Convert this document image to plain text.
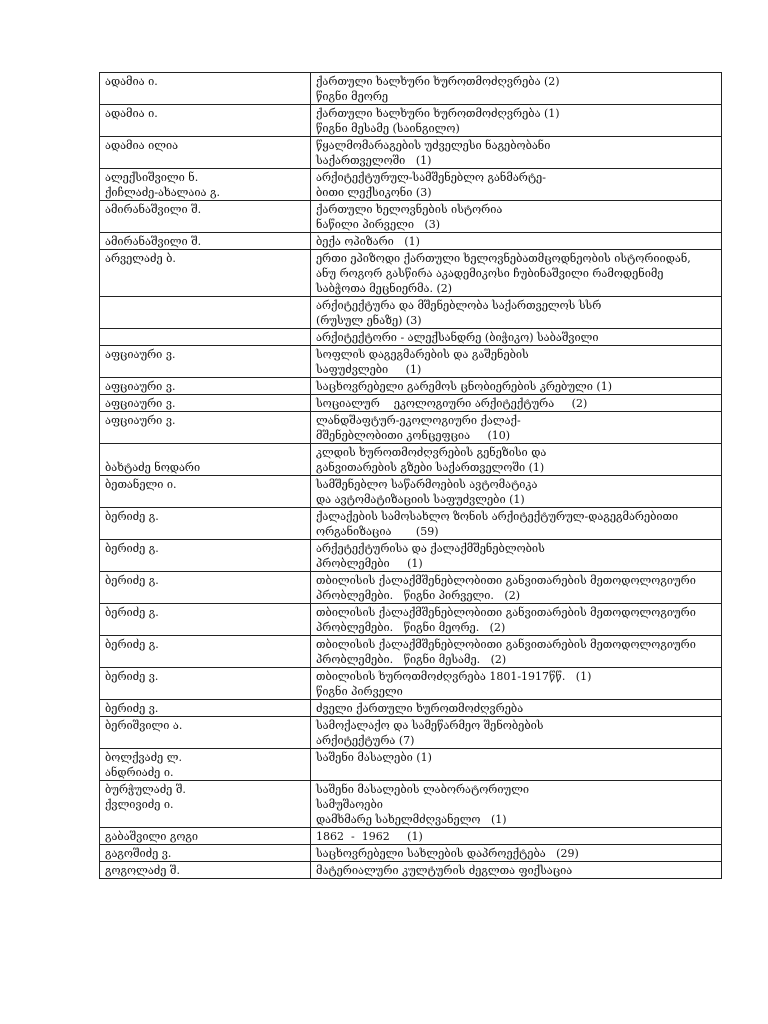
ადამია ი.	ქართული ხალხური ხუროთმოძღვრება (2)
წიგნი მეორე
ადამია ი.	ქართული ხალხური ხუროთმოძღვრება (1)
წიგნი მესამე (საინგილო)
ადამია ილია	წყალმომარაგების უძველესი ნაგებობანი
საქართველოში   (1)
ალექსიშვილი ნ.
ქიჩლაძე-ახალაია გ.	არქიტექტურულ-სამშენებლო განმარტე-
ბითი ლექსიკონი (3)
ამირანაშვილი შ.	ქართული ხელოვნების ისტორია
ნაწილი პირველი   (3)
ამირანაშვილი შ.	ბექა ოპიზარი   (1)
არველაძე ბ.	ერთი ეპიზოდი ქართული ხელოვნებათმცოდნეობის ისტორიიდან,
ანუ როგორ გასწირა აკადემიკოსი ჩუბინაშვილი რამოდენიმე
საბჭოთა მეცნიერმა. (2)
	არქიტექტურა და მშენებლობა საქართველოს სსრ
(რუსულ ენაზე) (3)
	არქიტექტორი - ალექსანდრე (ბიჭიკო) საბაშვილი
აფციაური ვ.	სოფლის დაგეგმარების და გაშენების
საფუძვლები     (1)
აფციაური ვ.	საცხოვრებელი გარემოს ცნობიერების კრებული (1)
აფციაური ვ.	სოციალურ    ეკოლოგიური არქიტექტურა     (2)
აფციაური ვ.	ლანდშაფტურ-ეკოლოგიური ქალაქ-
მშენებლობითი კონცეფცია     (10)
ბახტაძე ნოდარი	კლდის ხუროთმოძღვრების გენეზისი და
განვითარების გზები საქართველოში (1)
ბეთანელი ი.	სამშენებლო საწარმოების ავტომატიკა
და ავტომატიზაციის საფუძვლები (1)
ბერიძე გ.	ქალაქების სამოსახლო ზონის არქიტექტურულ-დაგეგმარებითი
ორგანიზაცია       (59)
ბერიძე გ.	არქეტექტურისა და ქალაქმშენებლობის
პრობლემები     (1)
ბერიძე გ.	თბილისის ქალაქმშენებლობითი განვითარების მეთოდოლოგიური
პრობლემები.   წიგნი პირველი.   (2)
ბერიძე გ.	თბილისის ქალაქმშენებლობითი განვითარების მეთოდოლოგიური
პრობლემები.   წიგნი მეორე.   (2)
ბერიძე გ.	თბილისის ქალაქმშენებლობითი განვითარების მეთოდოლოგიური
პრობლემები.   წიგნი მესამე.   (2)
ბერიძე ვ.	თბილისის ხუროთმოძღვრება 1801-1917წწ.   (1)
წიგნი პირველი
ბერიძე ვ.	ძველი ქართული ხუროთმოძღვრება
ბერიშვილი ა.	სამოქალაქო და სამეწარმეო შენობების
არქიტექტურა (7)
ბოლქვაძე ლ.
ანდრიაძე ი.	საშენი მასალები (1)
ბურჭულაძე შ.
ქვლივიძე ი.	საშენი მასალების ლაბორატორიული
სამუშაოები
დამხმარე სახელმძღვანელო   (1)
გაბაშვილი გოგი	1862  -  1962     (1)
გაგოშიძე ვ.	საცხოვრებელი სახლების დაპროექტება   (29)
გოგოლაძე შ.	მატერიალური კულტურის ძეგლთა ფიქსაცია
